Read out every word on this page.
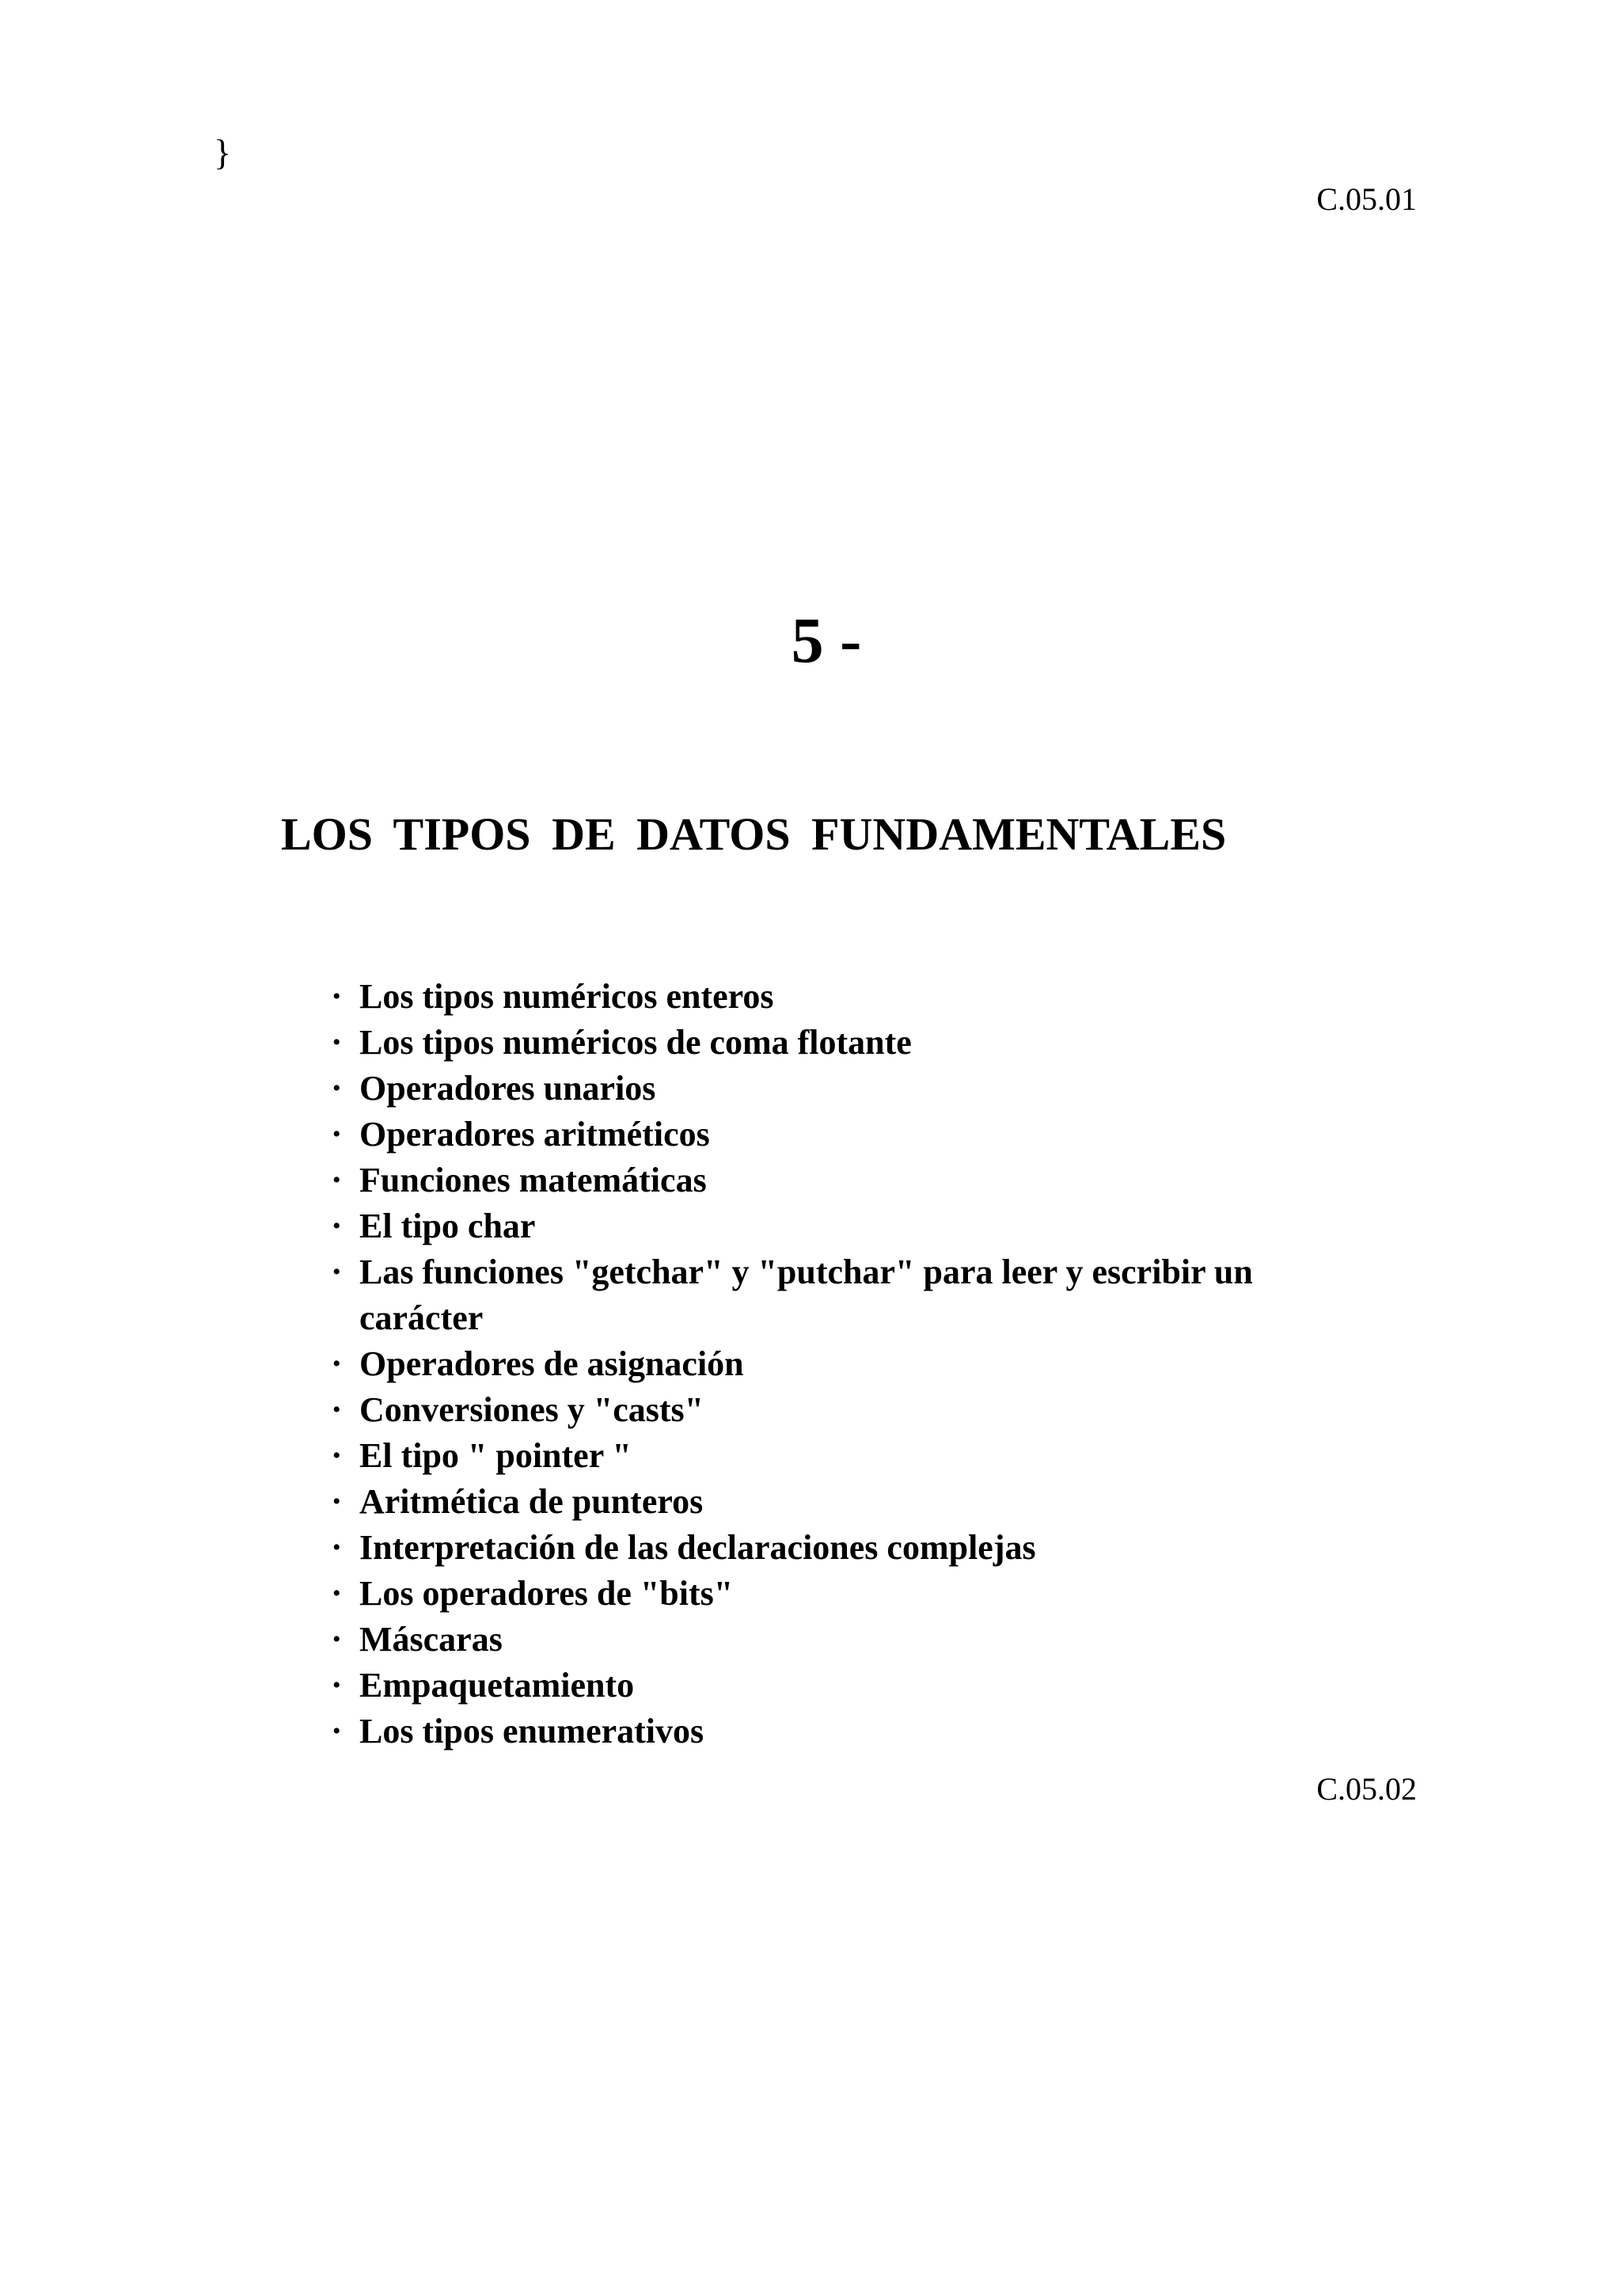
}
C.05.01
5 -
LOS TIPOS DE DATOS FUNDAMENTALES
• Los tipos numéricos enteros
• Los tipos numéricos de coma flotante
• Operadores unarios
• Operadores aritméticos
• Funciones matemáticas
• El tipo char
• Las funciones "getchar" y "putchar" para leer y escribir un carácter
• Operadores de asignación
• Conversiones y "casts"
• El tipo " pointer "
• Aritmética de punteros
• Interpretación de las declaraciones complejas
• Los operadores de "bits"
• Máscaras
• Empaquetamiento
• Los tipos enumerativos
C.05.02
